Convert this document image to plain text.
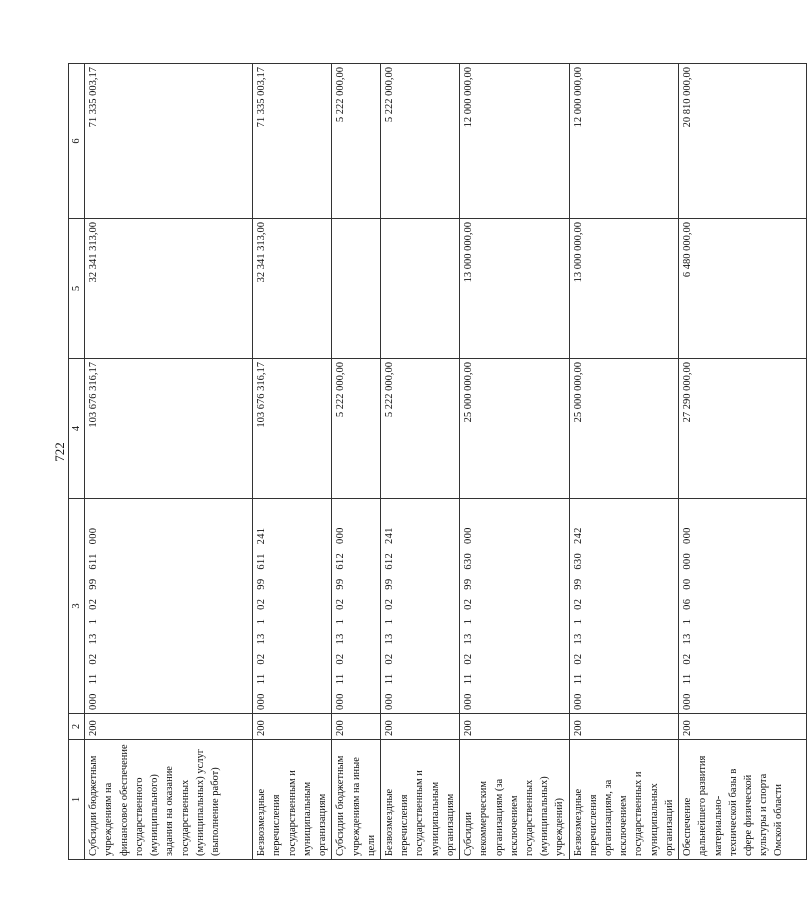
722
1	2	3	4	5	6
Субсидии бюджетным учреждениям на финансовое обеспечение государственного (муниципального) задания на оказание государственных (муниципальных) услуг (выполнение работ)	200	00011021310299611000	103 676 316,17	32 341 313,00	71 335 003,17
Безвозмездные перечисления государственным и муниципальным организациям	200	00011021310299611241	103 676 316,17	32 341 313,00	71 335 003,17
Субсидии бюджетным учреждениям на иные цели	200	00011021310299612000	5 222 000,00		5 222 000,00
Безвозмездные перечисления государственным и муниципальным организациям	200	00011021310299612241	5 222 000,00		5 222 000,00
Субсидии некоммерческим организациям (за исключением государственных (муниципальных) учреждений)	200	00011021310299630000	25 000 000,00	13 000 000,00	12 000 000,00
Безвозмездные перечисления организациям, за исключением государственных и муниципальных организаций	200	00011021310299630242	25 000 000,00	13 000 000,00	12 000 000,00
Обеспечение дальнейшего развития материально-технической базы в сфере физической культуры и спорта Омской области	200	00011021310600000000	27 290 000,00	6 480 000,00	20 810 000,00
